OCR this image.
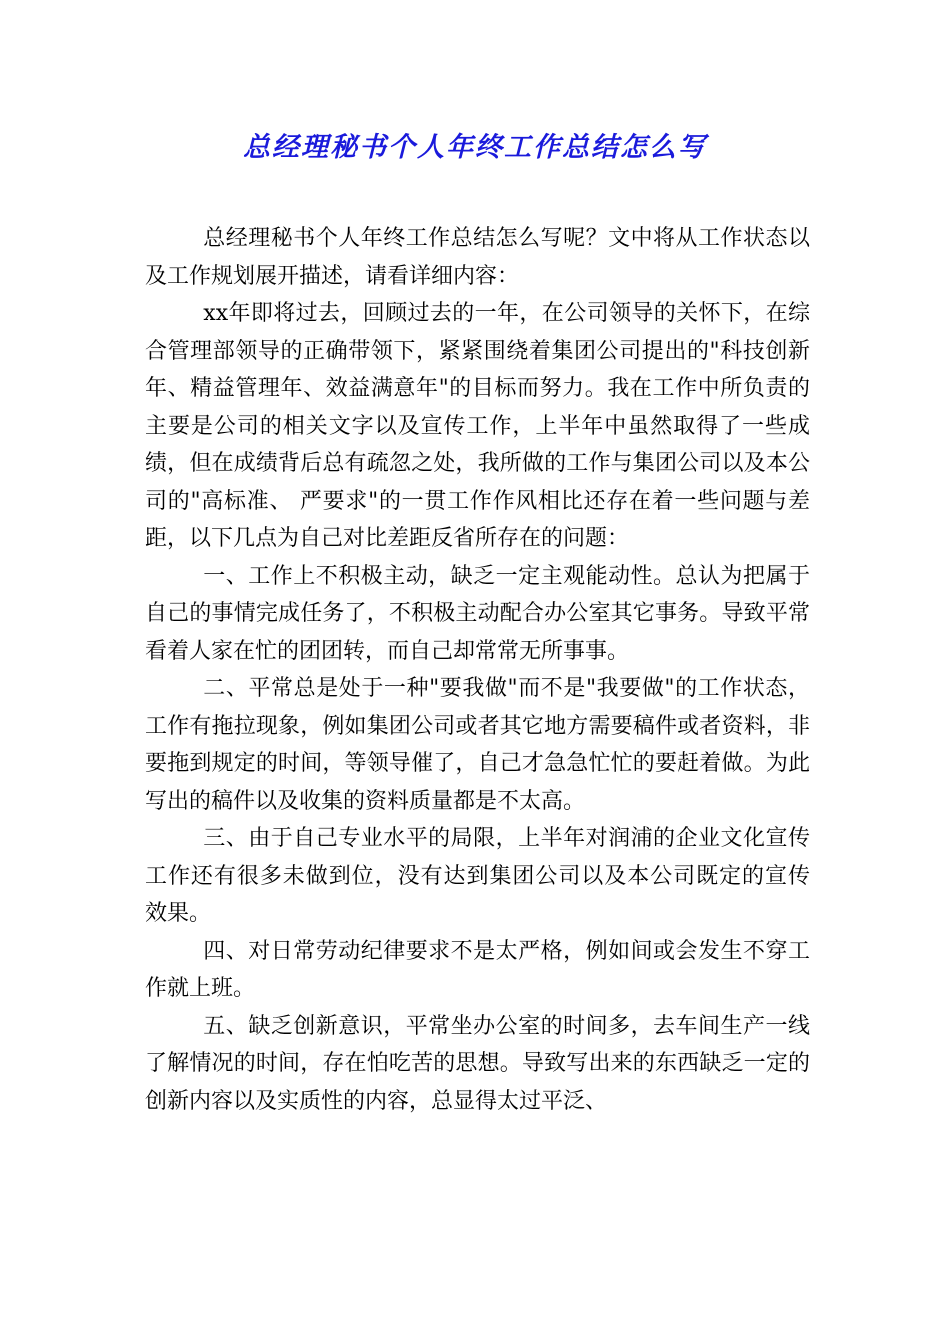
总经理秘书个人年终工作总结怎么写

总经理秘书个人年终工作总结怎么写呢？文中将从工作状态以及工作规划展开描述，请看详细内容：

xx年即将过去，回顾过去的一年，在公司领导的关怀下，在综合管理部领导的正确带领下，紧紧围绕着集团公司提出的"科技创新年、精益管理年、效益满意年"的目标而努力。我在工作中所负责的主要是公司的相关文字以及宣传工作，上半年中虽然取得了一些成绩，但在成绩背后总有疏忽之处，我所做的工作与集团公司以及本公司的"高标准、 严要求"的一贯工作作风相比还存在着一些问题与差距，以下几点为自己对比差距反省所存在的问题：

一、工作上不积极主动，缺乏一定主观能动性。总认为把属于自己的事情完成任务了，不积极主动配合办公室其它事务。导致平常看着人家在忙的团团转，而自己却常常无所事事。

二、平常总是处于一种"要我做"而不是"我要做"的工作状态，工作有拖拉现象，例如集团公司或者其它地方需要稿件或者资料，非要拖到规定的时间，等领导催了，自己才急急忙忙的要赶着做。为此写出的稿件以及收集的资料质量都是不太高。

三、由于自己专业水平的局限，上半年对润浦的企业文化宣传工作还有很多未做到位，没有达到集团公司以及本公司既定的宣传 效果。

四、对日常劳动纪律要求不是太严格，例如间或会发生不穿工作就上班。

五、缺乏创新意识，平常坐办公室的时间多，去车间生产一线了解情况的时间，存在怕吃苦的思想。导致写出来的东西缺乏一定的创新内容以及实质性的内容，总显得太过平泛、
